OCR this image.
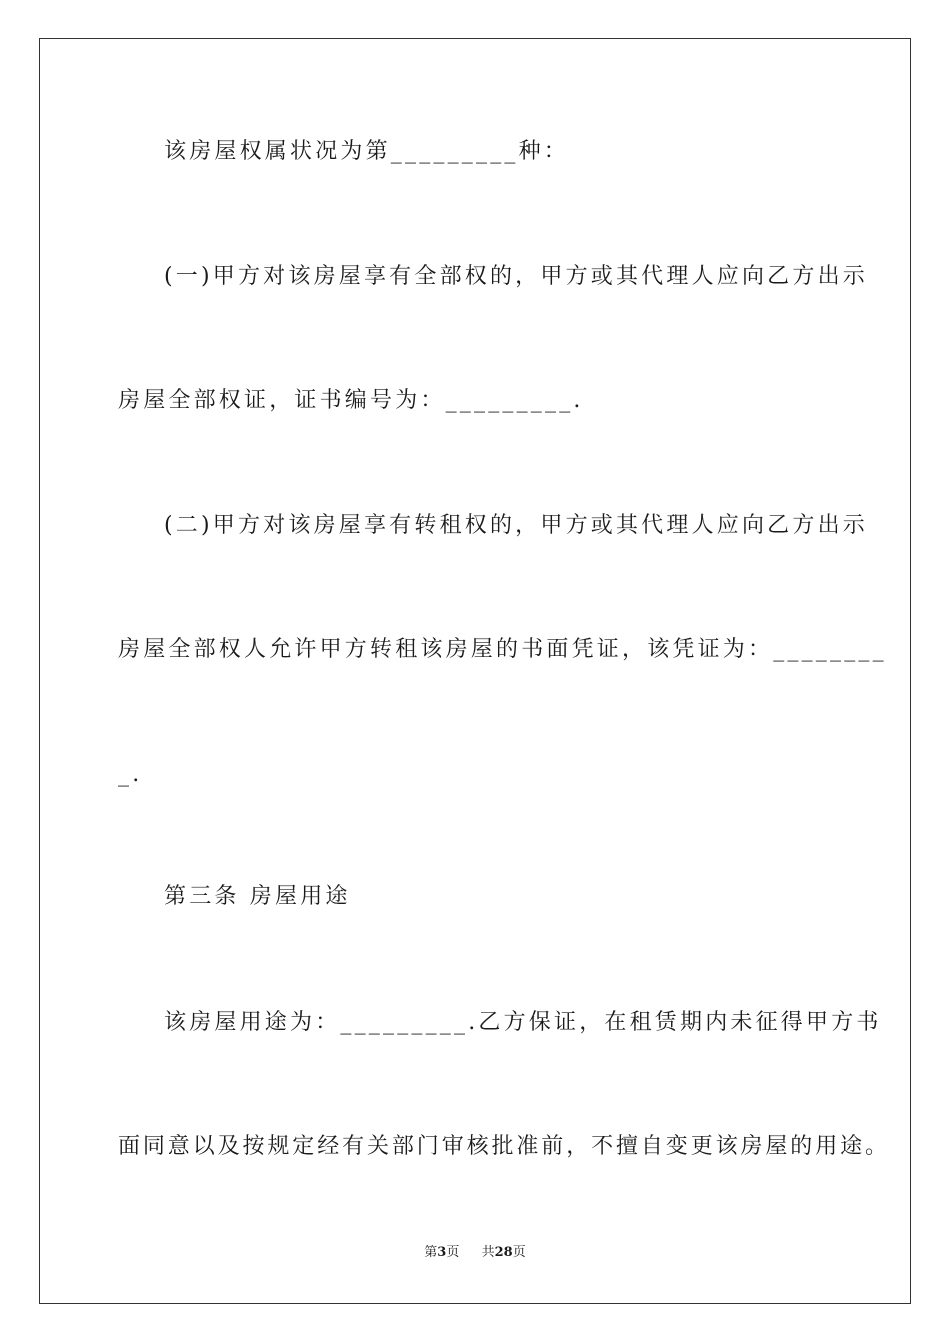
该房屋权属状况为第_________种：
(一)甲方对该房屋享有全部权的，甲方或其代理人应向乙方出示
房屋全部权证，证书编号为：_________.
(二)甲方对该房屋享有转租权的，甲方或其代理人应向乙方出示
房屋全部权人允许甲方转租该房屋的书面凭证，该凭证为：________
_.
第三条 房屋用途
该房屋用途为：_________.乙方保证，在租赁期内未征得甲方书
面同意以及按规定经有关部门审核批准前，不擅自变更该房屋的用途。
第3页 共28页
